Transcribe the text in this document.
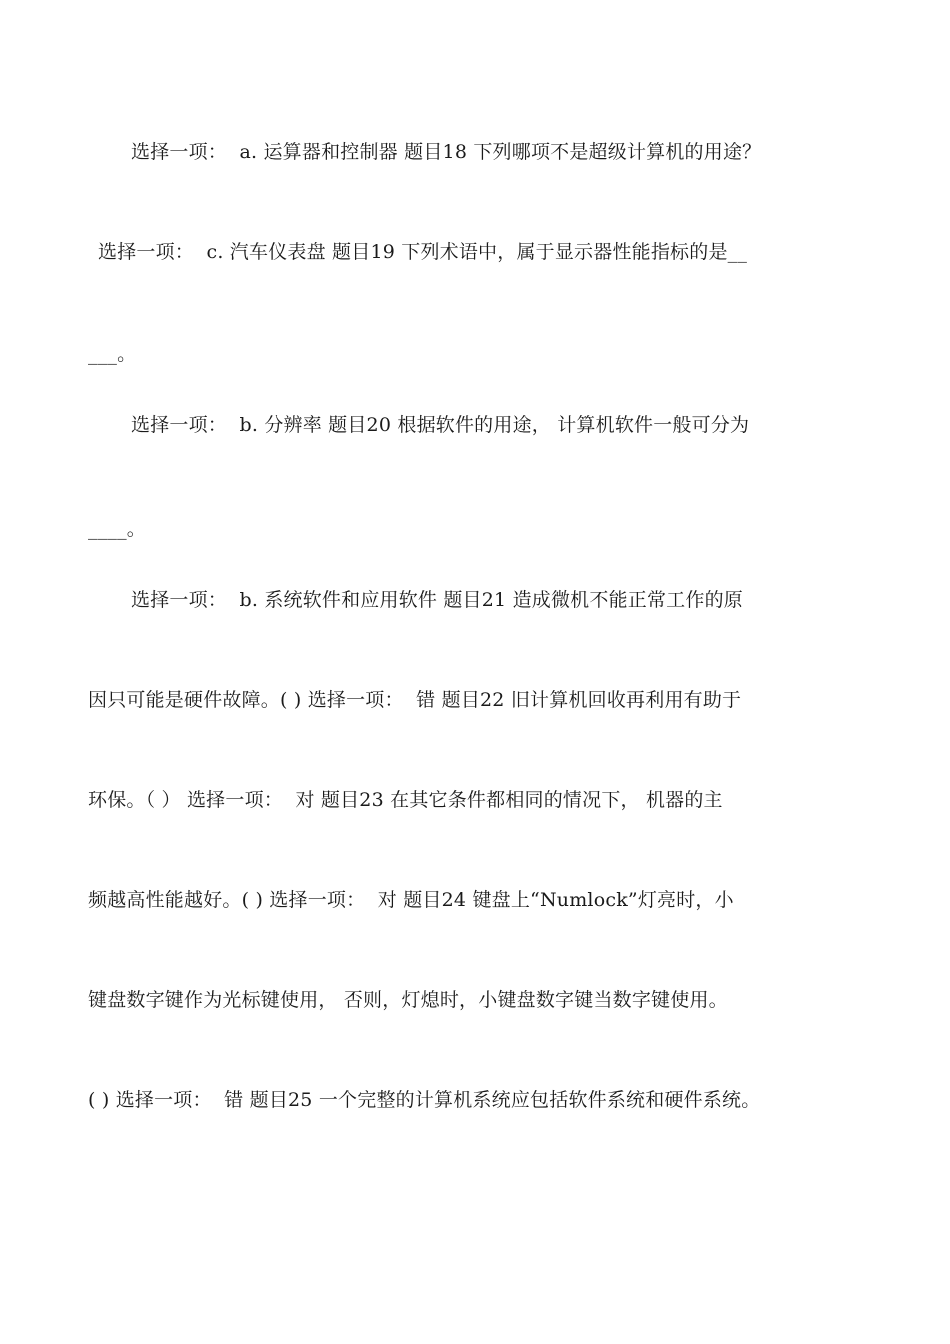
选择一项：  a. 运算器和控制器 题目18 下列哪项不是超级计算机的用途？
选择一项：  c. 汽车仪表盘 题目19 下列术语中，属于显示器性能指标的是__
___。
选择一项：  b. 分辨率 题目20 根据软件的用途， 计算机软件一般可分为
____。
选择一项：  b. 系统软件和应用软件 题目21 造成微机不能正常工作的原
因只可能是硬件故障。( ) 选择一项：  错 题目22 旧计算机回收再利用有助于
环保。（ ） 选择一项：  对 题目23 在其它条件都相同的情况下， 机器的主
频越高性能越好。( ) 选择一项：  对 题目24 键盘上“Numlock”灯亮时，小
键盘数字键作为光标键使用， 否则，灯熄时，小键盘数字键当数字键使用。
( ) 选择一项：  错 题目25 一个完整的计算机系统应包括软件系统和硬件系统。
